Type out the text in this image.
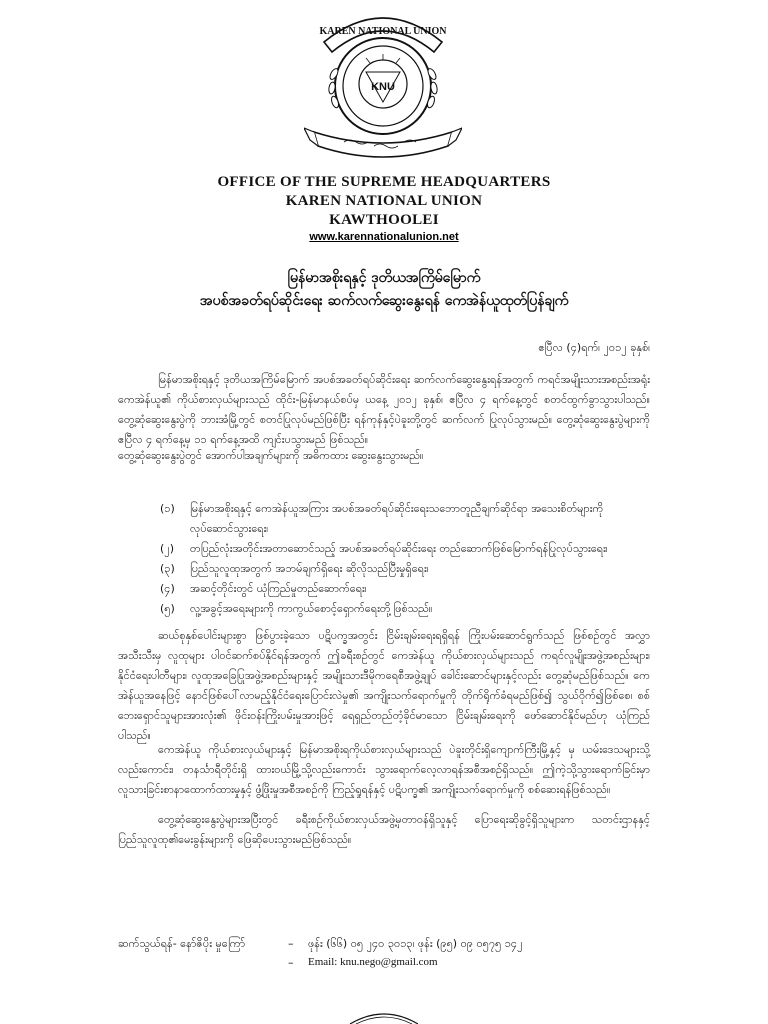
KAREN NATIONAL UNION
KNU
OFFICE OF THE SUPREME HEADQUARTERS
KAREN NATIONAL UNION
KAWTHOOLEI
www.karennationalunion.net
မြန်မာအစိုးရနှင့် ဒုတိယအကြိမ်မြောက်
အပစ်အခတ်ရပ်ဆိုင်းရေး ဆက်လက်ဆွေးနွေးရန် ကေအဲန်ယူထုတ်ပြန်ချက်
ဧပြီလ (၄)ရက်၊ ၂၀၁၂ ခုနှစ်၊
မြန်မာအစိုးရနှင့် ဒုတိယအကြိမ်မြောက် အပစ်အခတ်ရပ်ဆိုင်းရေး ဆက်လက်ဆွေးနွေးရန်အတွက် ကရင်အမျိုးသားအစည်းအရုံး ကေအဲန်ယူ၏ ကိုယ်စားလှယ်များသည် ထိုင်း-မြန်မာနယ်စပ်မှ ယနေ့ ၂၀၁၂ ခုနှစ်၊ ဧပြီလ ၄ ရက်နေ့တွင် စတင်ထွက်ခွာသွားပါသည်။ တွေ့ဆုံဆွေးနွေးပွဲကို ဘားအံမြို့တွင် စတင်ပြုလုပ်မည်ဖြစ်ပြီး ရန်ကုန်နှင့်ပဲခူးတို့တွင် ဆက်လက် ပြုလုပ်သွားမည်။ တွေ့ဆုံဆွေးနွေးပွဲများကို ဧပြီလ ၄ ရက်နေ့မှ ၁၁ ရက်နေ့အထိ ကျင်းပသွားမည် ဖြစ်သည်။
တွေ့ဆုံဆွေးနွေးပွဲတွင် အောက်ပါအချက်များကို အဓိကထား ဆွေးနွေးသွားမည်။
(၁)	မြန်မာအစိုးရနှင့် ကေအဲန်ယူအကြား အပစ်အခတ်ရပ်ဆိုင်းရေးသဘောတူညီချက်ဆိုင်ရာ အသေးစိတ်များကို လုပ်ဆောင်သွားရေး၊
(၂)	တပြည်လုံးအတိုင်းအတာဆောင်သည့် အပစ်အခတ်ရပ်ဆိုင်းရေး တည်ဆောက်ဖြစ်မြောက်ရန်ပြုလုပ်သွားရေး၊
(၃)	ပြည်သူလူထုအတွက် အဘမ်ချက်ရှိရေး ဆိုလိုသည်ပြီးမှုရှိရေး၊
(၄)	အဆင့်တိုင်းတွင် ယုံကြည်မှုတည်ဆောက်ရေး၊
(၅)	လူ့အခွင့်အရေးများကို ကာကွယ်စောင့်ရှောက်ရေးတို့ဖြစ်သည်။
ဆယ်စုနှစ်ပေါင်းများစွာ ဖြစ်ပွားခဲ့သော ပဋိပက္ခအတွင်း ငြိမ်းချမ်းရေးရရှိရန် ကြိုးပမ်းဆောင်ရွက်သည် ဖြစ်စဉ်တွင် အလွှာ အသီးသီးမှ လူထုများ ပါဝင်ဆက်စပ်နိုင်ရန်အတွက် ဤခရီးစဉ်တွင် ကေအဲန်ယူ ကိုယ်စားလှယ်များသည် ကရင်လူမျိုးအဖွဲ့အစည်းများ၊ နိုင်ငံရေးပါတီများ၊ လူထုအခြေပြုအဖွဲ့အစည်းများနှင့် အမျိုးသားဒီမိုကရေစီအဖွဲ့ချုပ် ခေါင်းဆောင်များနှင့်လည်း တွေ့ဆုံမည်ဖြစ်သည်။ ကေအဲန်ယူအနေဖြင့် နောင်ဖြစ်ပေါ်လာမည့်နိုင်ငံရေးပြောင်းလဲမှု၏ အကျိုးသက်ရောက်မှုကို တိုက်ရိုက်ခံရမည်ဖြစ်၍ သွယ်ဝိုက်၍ဖြစ်စေ၊ စစ်ဘေးရှောင်သူများအားလုံး၏ ဖိုင်းဝန်းကြိုးပမ်းမှုအားဖြင့် ရေရှည်တည်တံ့ခိုင်မာသော ငြိမ်းချမ်းရေးကို ဖော်ဆောင်နိုင်မည်ဟု ယုံကြည်ပါသည်။
ကေအဲန်ယူ ကိုယ်စားလှယ်များနှင့် မြန်မာအစိုးရကိုယ်စားလှယ်များသည် ပဲခူးတိုင်းရှိကျောက်ကြီးမြို့နှင့် မှ ယမ်းဒေသများသို့ လည်းကောင်း၊ တနင်္သာရီတိုင်းရှိ ထားဝယ်မြို့သို့လည်းကောင်း သွားရောက်လေ့လာရန်အစီအစဉ်ရှိသည်။ ဤကဲ့သို့သွားရောက်ခြင်းမှာ လူသားခြင်းစာနာထောက်ထားမှုနှင့် ဖွံ့ဖြိုးမှုအစီအစဉ်ကို ကြည့်ရှုရန်နှင့် ပဋိပက္ခ၏ အကျိုးသက်ရောက်မှုကို စစ်ဆေးရန်ဖြစ်သည်။
တွေ့ဆုံဆွေးနွေးပွဲများအပြီးတွင် ခရီးစဉ်ကိုယ်စားလှယ်အဖွဲ့မှတာဝန်ရှိသူနှင့် ပြောရေးဆိုခွင့်ရှိသူများက သတင်းဌာနနှင့် ပြည်သူလူထု၏မေးခွန်းများကို ဖြေဆိုပေးသွားမည်ဖြစ်သည်။
ဆက်သွယ်ရန်- နော်ဇိပိုး မှုကြော်	–	ဖုန်း (၆၆) ၀၅ ၂၄၀ ၃၀၁၃၊ ဖုန်း (၉၅) ၀၉ ၀၅၇၅ ၁၄၂
–	Email: knu.nego@gmail.com
